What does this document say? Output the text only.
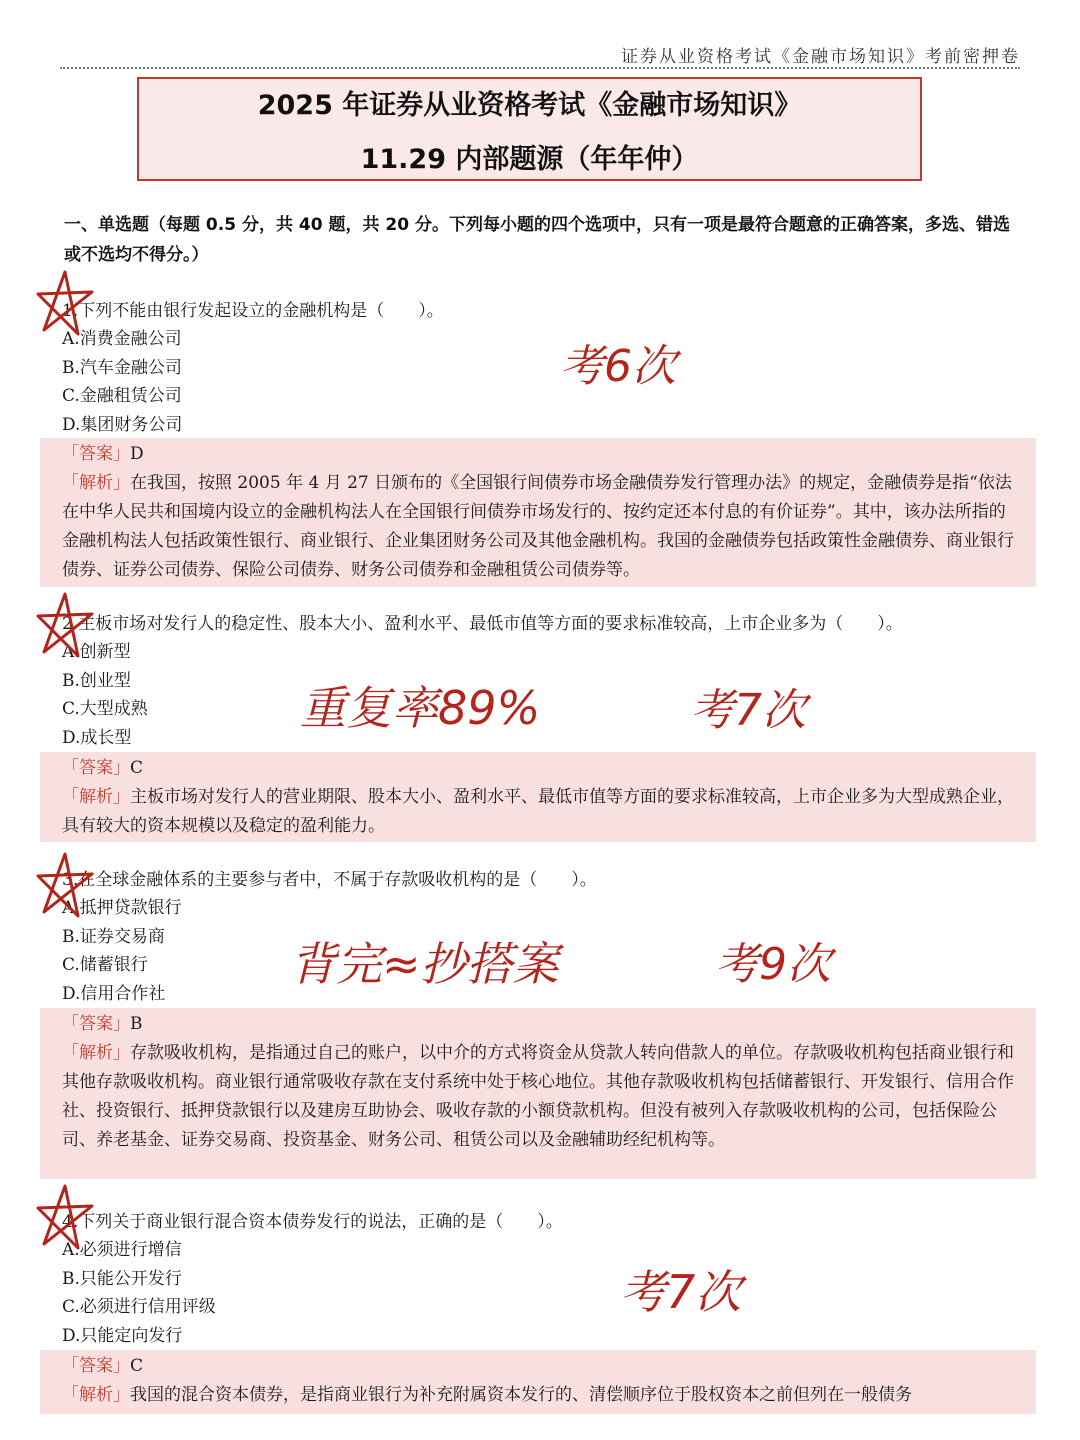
证券从业资格考试《金融市场知识》考前密押卷

2025 年证券从业资格考试《金融市场知识》

11.29 内部题源（年年仲）

一、单选题（每题 0.5 分，共 40 题，共 20 分。下列每小题的四个选项中，只有一项是最符合题意的正确答案，多选、错选或不选均不得分。）

1.下列不能由银行发起设立的金融机构是（　　）。

A.消费金融公司

B.汽车金融公司

C.金融租赁公司

D.集团财务公司

「答案」D

「解析」在我国，按照 2005 年 4 月 27 日颁布的《全国银行间债券市场金融债券发行管理办法》的规定，金融债券是指“依法在中华人民共和国境内设立的金融机构法人在全国银行间债券市场发行的、按约定还本付息的有价证券”。其中，该办法所指的金融机构法人包括政策性银行、商业银行、企业集团财务公司及其他金融机构。我国的金融债券包括政策性金融债券、商业银行债券、证券公司债券、保险公司债券、财务公司债券和金融租赁公司债券等。

2.主板市场对发行人的稳定性、股本大小、盈利水平、最低市值等方面的要求标准较高，上市企业多为（　　）。

A.创新型

B.创业型

C.大型成熟

D.成长型

「答案」C

「解析」主板市场对发行人的营业期限、股本大小、盈利水平、最低市值等方面的要求标准较高，上市企业多为大型成熟企业，具有较大的资本规模以及稳定的盈利能力。

3.在全球金融体系的主要参与者中，不属于存款吸收机构的是（　　）。

A.抵押贷款银行

B.证券交易商

C.储蓄银行

D.信用合作社

「答案」B

「解析」存款吸收机构，是指通过自己的账户，以中介的方式将资金从贷款人转向借款人的单位。存款吸收机构包括商业银行和其他存款吸收机构。商业银行通常吸收存款在支付系统中处于核心地位。其他存款吸收机构包括储蓄银行、开发银行、信用合作社、投资银行、抵押贷款银行以及建房互助协会、吸收存款的小额贷款机构。但没有被列入存款吸收机构的公司，包括保险公司、养老基金、证券交易商、投资基金、财务公司、租赁公司以及金融辅助经纪机构等。

4.下列关于商业银行混合资本债券发行的说法，正确的是（　　）。

A.必须进行增信

B.只能公开发行

C.必须进行信用评级

D.只能定向发行

「答案」C

「解析」我国的混合资本债券，是指商业银行为补充附属资本发行的、清偿顺序位于股权资本之前但列在一般债务

考6次
重复率89%	考7次
背完≈抄搭案	考9次
考7次
